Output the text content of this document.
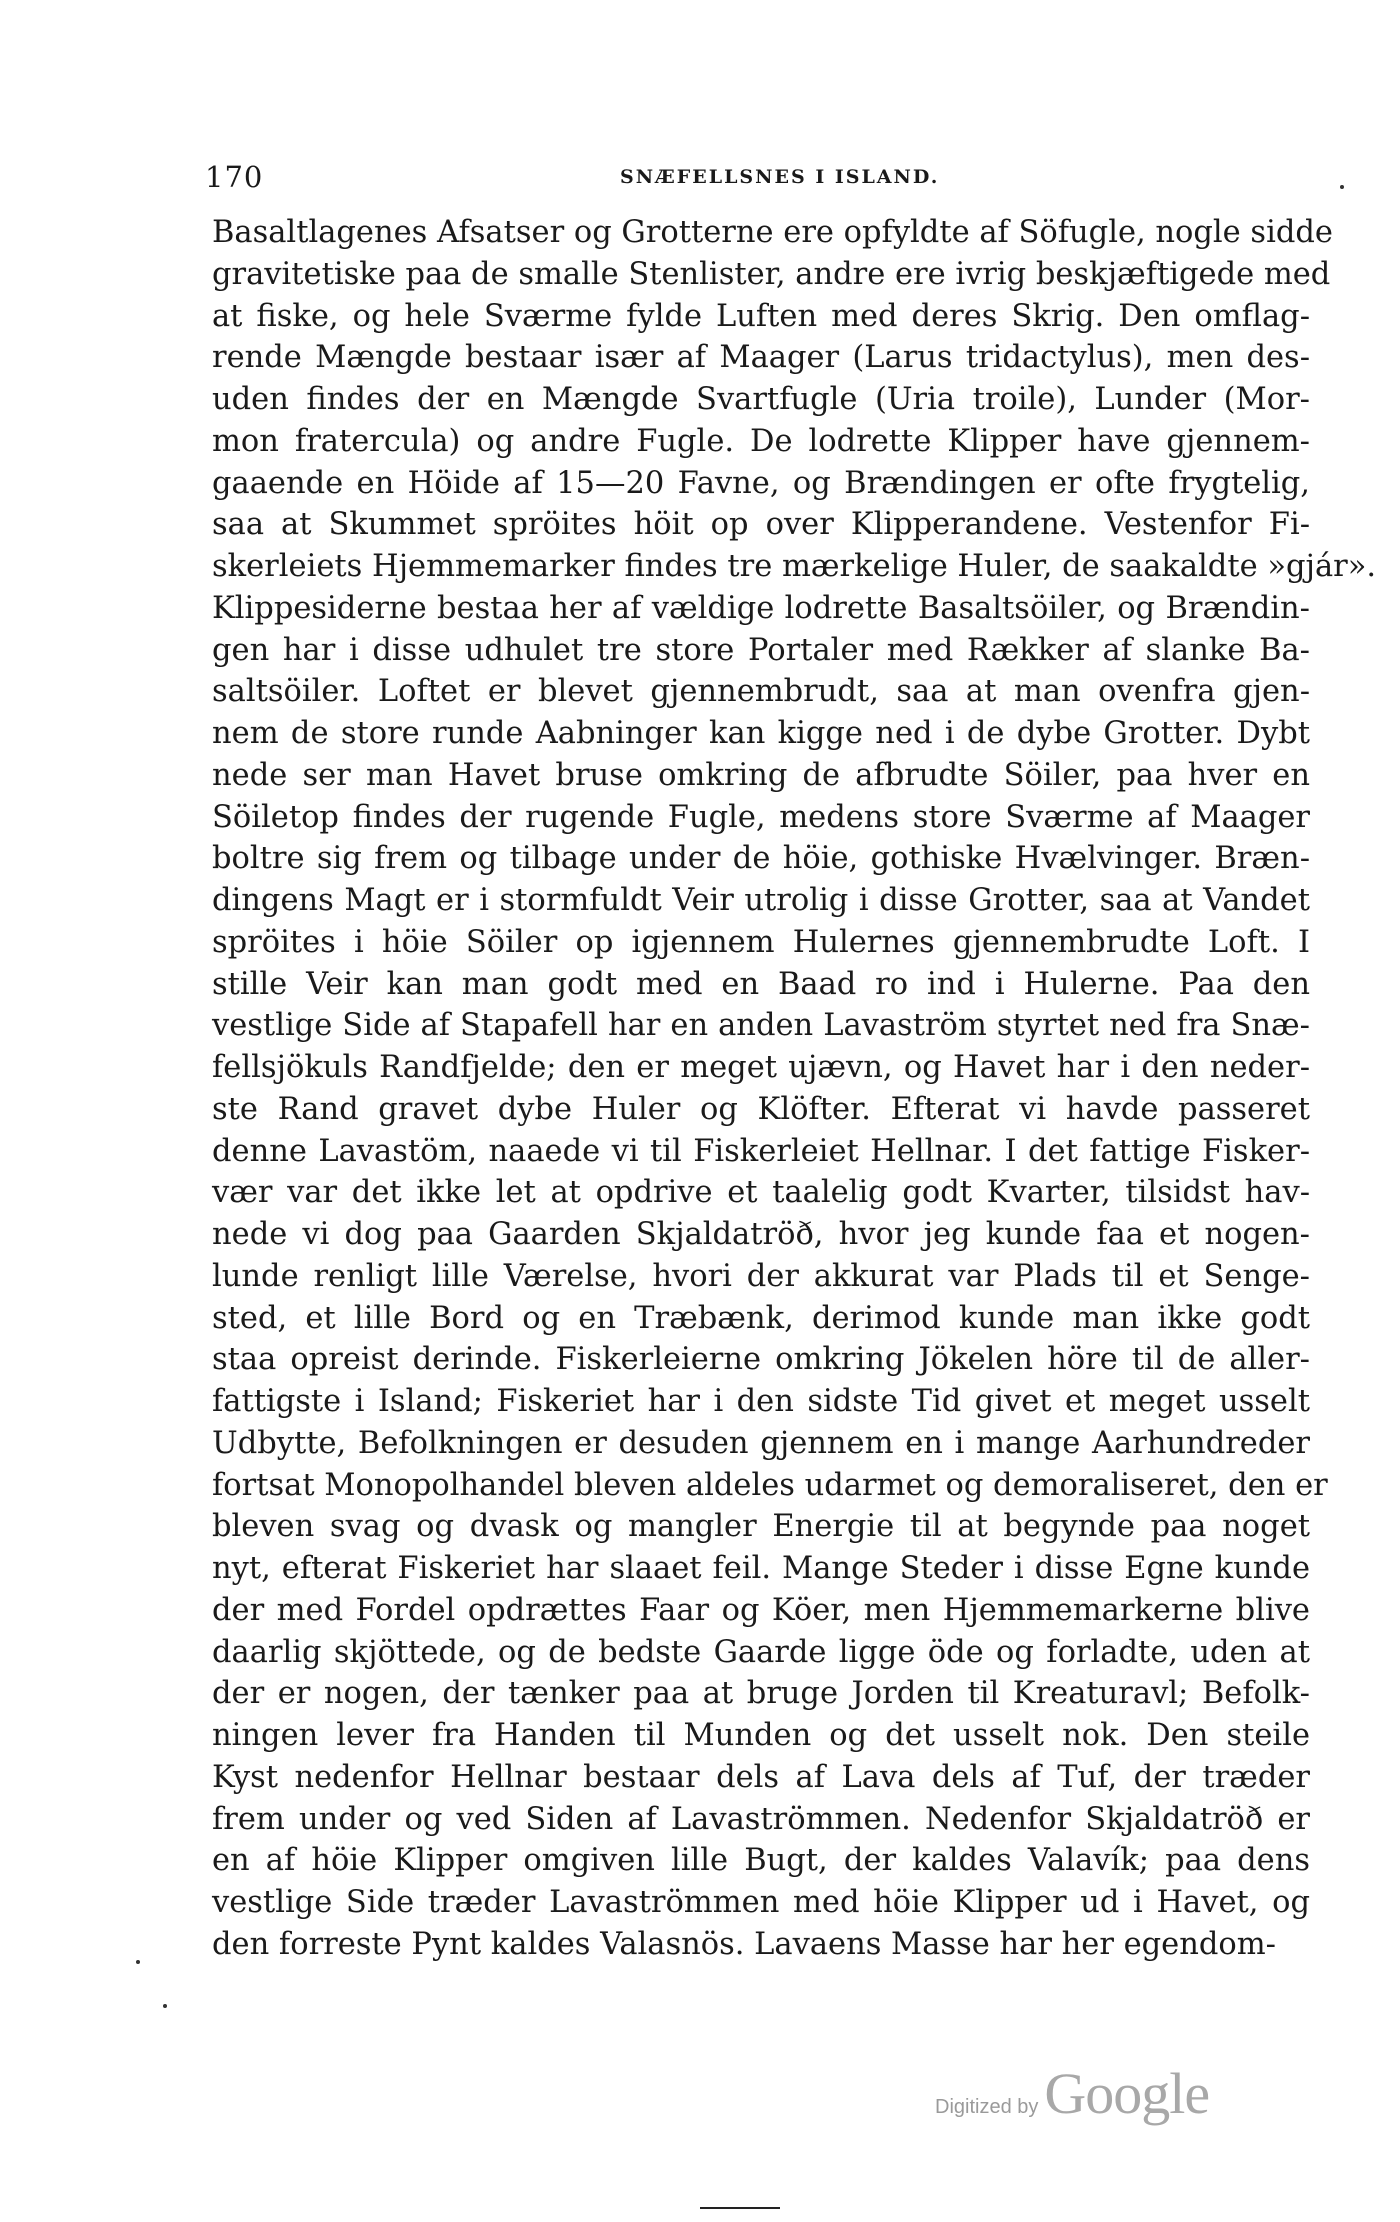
170	SNÆFELLSNES I ISLAND.
Basaltlagenes Afsatser og Grotterne ere opfyldte af Söfugle, nogle sidde
gravitetiske paa de smalle Stenlister, andre ere ivrig beskjæftigede med
at fiske, og hele Sværme fylde Luften med deres Skrig. Den omflag-
rende Mængde bestaar især af Maager (Larus tridactylus), men des-
uden findes der en Mængde Svartfugle (Uria troile), Lunder (Mor-
mon fratercula) og andre Fugle. De lodrette Klipper have gjennem-
gaaende en Höide af 15—20 Favne, og Brændingen er ofte frygtelig,
saa at Skummet spröites höit op over Klipperandene. Vestenfor Fi-
skerleiets Hjemmemarker findes tre mærkelige Huler, de saakaldte »gjár».
Klippesiderne bestaa her af vældige lodrette Basaltsöiler, og Brændin-
gen har i disse udhulet tre store Portaler med Rækker af slanke Ba-
saltsöiler. Loftet er blevet gjennembrudt, saa at man ovenfra gjen-
nem de store runde Aabninger kan kigge ned i de dybe Grotter. Dybt
nede ser man Havet bruse omkring de afbrudte Söiler, paa hver en
Söiletop findes der rugende Fugle, medens store Sværme af Maager
boltre sig frem og tilbage under de höie, gothiske Hvælvinger. Bræn-
dingens Magt er i stormfuldt Veir utrolig i disse Grotter, saa at Vandet
spröites i höie Söiler op igjennem Hulernes gjennembrudte Loft. I
stille Veir kan man godt med en Baad ro ind i Hulerne. Paa den
vestlige Side af Stapafell har en anden Lavaström styrtet ned fra Snæ-
fellsjökuls Randfjelde; den er meget ujævn, og Havet har i den neder-
ste Rand gravet dybe Huler og Klöfter. Efterat vi havde passeret
denne Lavastöm, naaede vi til Fiskerleiet Hellnar. I det fattige Fisker-
vær var det ikke let at opdrive et taalelig godt Kvarter, tilsidst hav-
nede vi dog paa Gaarden Skjaldatröð, hvor jeg kunde faa et nogen-
lunde renligt lille Værelse, hvori der akkurat var Plads til et Senge-
sted, et lille Bord og en Træbænk, derimod kunde man ikke godt
staa opreist derinde. Fiskerleierne omkring Jökelen höre til de aller-
fattigste i Island; Fiskeriet har i den sidste Tid givet et meget usselt
Udbytte, Befolkningen er desuden gjennem en i mange Aarhundreder
fortsat Monopolhandel bleven aldeles udarmet og demoraliseret, den er
bleven svag og dvask og mangler Energie til at begynde paa noget
nyt, efterat Fiskeriet har slaaet feil. Mange Steder i disse Egne kunde
der med Fordel opdrættes Faar og Köer, men Hjemmemarkerne blive
daarlig skjöttede, og de bedste Gaarde ligge öde og forladte, uden at
der er nogen, der tænker paa at bruge Jorden til Kreaturavl; Befolk-
ningen lever fra Handen til Munden og det usselt nok. Den steile
Kyst nedenfor Hellnar bestaar dels af Lava dels af Tuf, der træder
frem under og ved Siden af Lavaströmmen. Nedenfor Skjaldatröð er
en af höie Klipper omgiven lille Bugt, der kaldes Valavík; paa dens
vestlige Side træder Lavaströmmen med höie Klipper ud i Havet, og
den forreste Pynt kaldes Valasnös. Lavaens Masse har her egendom-
Digitized by Google
